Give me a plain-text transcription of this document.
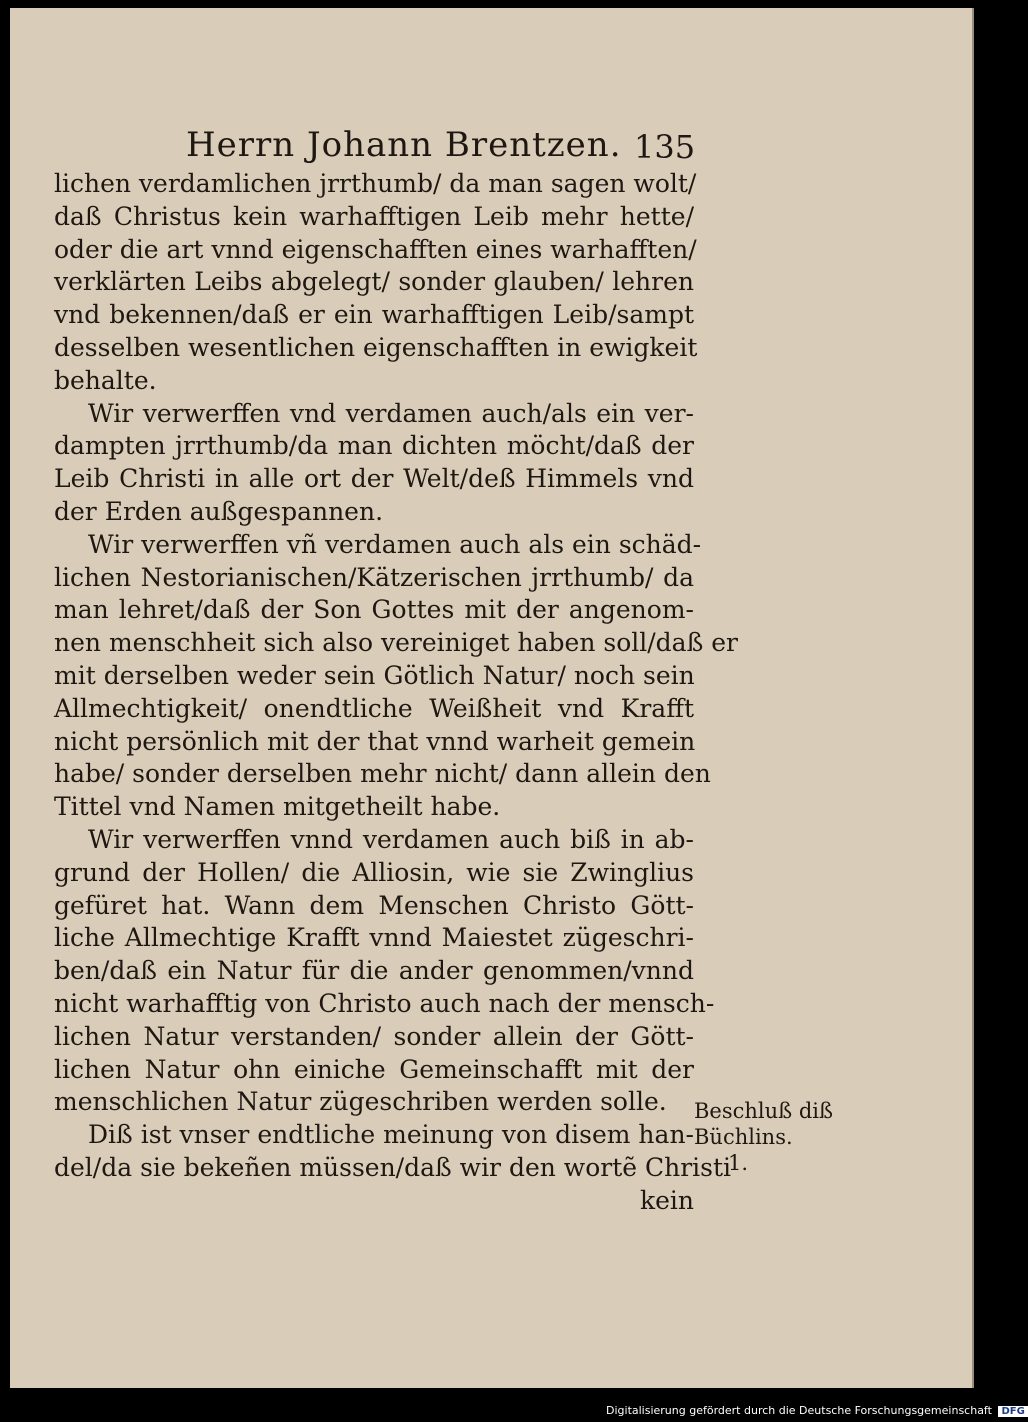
Herrn Johann Brentzen. 135
lichen verdamlichen jrrthumb/ da man sagen wolt/
daß Christus kein warhafftigen Leib mehr hette/
oder die art vnnd eigenschafften eines warhafften/
verklärten Leibs abgelegt/ sonder glauben/ lehren
vnd bekennen/daß er ein warhafftigen Leib/sampt
desselben wesentlichen eigenschafften in ewigkeit
behalte.
Wir verwerffen vnd verdamen auch/als ein ver-
dampten jrrthumb/da man dichten möcht/daß der
Leib Christi in alle ort der Welt/deß Himmels vnd
der Erden außgespannen.
Wir verwerffen vñ verdamen auch als ein schäd-
lichen Nestorianischen/Kätzerischen jrrthumb/ da
man lehret/daß der Son Gottes mit der angenom-
nen menschheit sich also vereiniget haben soll/daß er
mit derselben weder sein Götlich Natur/ noch sein
Allmechtigkeit/ onendtliche Weißheit vnd Krafft
nicht persönlich mit der that vnnd warheit gemein
habe/ sonder derselben mehr nicht/ dann allein den
Tittel vnd Namen mitgetheilt habe.
Wir verwerffen vnnd verdamen auch biß in ab-
grund der Hollen/ die Alliosin, wie sie Zwinglius
gefüret hat. Wann dem Menschen Christo Gött-
liche Allmechtige Krafft vnnd Maiestet zügeschri-
ben/daß ein Natur für die ander genommen/vnnd
nicht warhafftig von Christo auch nach der mensch-
lichen Natur verstanden/ sonder allein der Gött-
lichen Natur ohn einiche Gemeinschafft mit der
menschlichen Natur zügeschriben werden solle.
Diß ist vnser endtliche meinung von disem han-
del/da sie bekeñen müssen/daß wir den wortẽ Christi
kein
Beschluß diß
Büchlins.
1.
Digitalisierung gefördert durch die Deutsche Forschungsgemeinschaft DFG
